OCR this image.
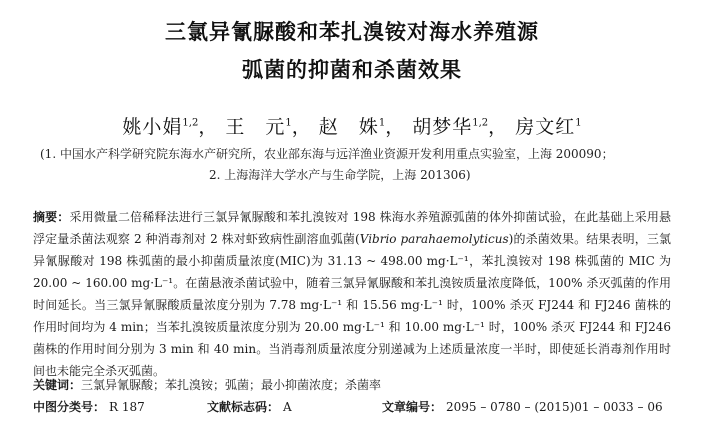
三氯异氰脲酸和苯扎溴铵对海水养殖源
弧菌的抑菌和杀菌效果
姚小娟$^{1,2}$， 王　元$^1$， 赵　姝$^1$， 胡梦华$^{1,2}$， 房文红$^1$
(1. 中国水产科学研究院东海水产研究所，农业部东海与远洋渔业资源开发利用重点实验室，上海 200090；
2. 上海海洋大学水产与生命学院，上海 201306)
摘要：采用微量二倍稀释法进行三氯异氰脲酸和苯扎溴铵对 198 株海水养殖源弧菌的体外抑菌试验，在此基础上采用悬浮定量杀菌法观察 2 种消毒剂对 2 株对虾致病性副溶血弧菌(Vibrio parahaemolyticus)的杀菌效果。结果表明，三氯异氰脲酸对 198 株弧菌的最小抑菌质量浓度(MIC)为 31.13 ~ 498.00 mg·L⁻¹，苯扎溴铵对 198 株弧菌的 MIC 为 20.00 ~ 160.00 mg·L⁻¹。在菌悬液杀菌试验中，随着三氯异氰脲酸和苯扎溴铵质量浓度降低，100% 杀灭弧菌的作用时间延长。当三氯异氰脲酸质量浓度分别为 7.78 mg·L⁻¹ 和 15.56 mg·L⁻¹ 时，100% 杀灭 FJ244 和 FJ246 菌株的作用时间均为 4 min；当苯扎溴铵质量浓度分别为 20.00 mg·L⁻¹ 和 10.00 mg·L⁻¹ 时，100% 杀灭 FJ244 和 FJ246 菌株的作用时间分别为 3 min 和 40 min。当消毒剂质量浓度分别递减为上述质量浓度一半时，即使延长消毒剂作用时间也未能完全杀灭弧菌。
关键词：三氯异氰脲酸；苯扎溴铵；弧菌；最小抑菌浓度；杀菌率
中图分类号： R 187	文献标志码： A	文章编号： 2095 – 0780 – (2015)01 – 0033 – 06
